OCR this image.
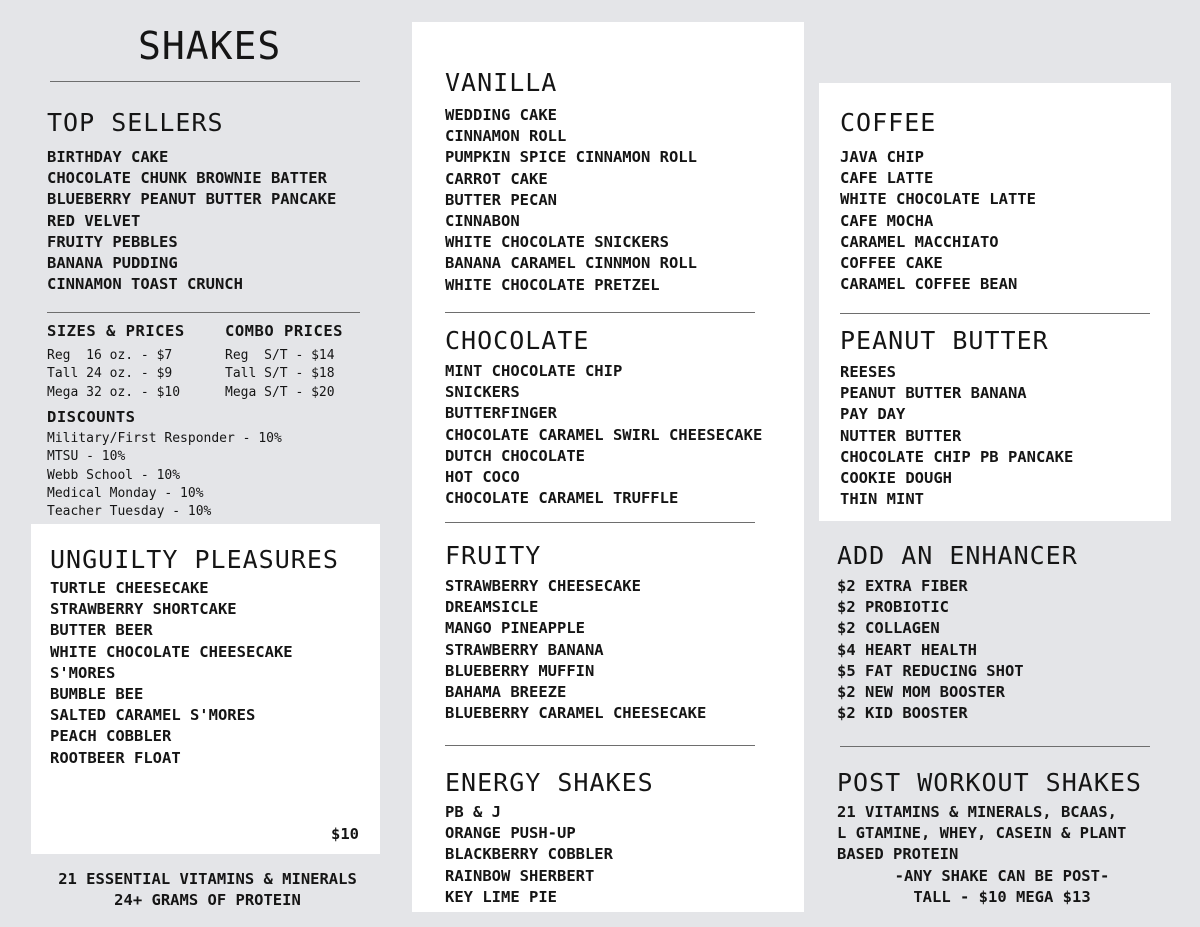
SHAKES
TOP SELLERS
BIRTHDAY CAKE
CHOCOLATE CHUNK BROWNIE BATTER
BLUEBERRY PEANUT BUTTER PANCAKE
RED VELVET
FRUITY PEBBLES
BANANA PUDDING
CINNAMON TOAST CRUNCH
SIZES & PRICES
Reg  16 oz. - $7
Tall 24 oz. - $9
Mega 32 oz. - $10
COMBO PRICES
Reg  S/T - $14
Tall S/T - $18
Mega S/T - $20
DISCOUNTS
Military/First Responder - 10%
MTSU - 10%
Webb School - 10%
Medical Monday - 10%
Teacher Tuesday - 10%
UNGUILTY PLEASURES
TURTLE CHEESECAKE
STRAWBERRY SHORTCAKE
BUTTER BEER
WHITE CHOCOLATE CHEESECAKE
S'MORES
BUMBLE BEE
SALTED CARAMEL S'MORES
PEACH COBBLER
ROOTBEER FLOAT
$10
21 ESSENTIAL VITAMINS & MINERALS
24+ GRAMS OF PROTEIN
VANILLA
WEDDING CAKE
CINNAMON ROLL
PUMPKIN SPICE CINNAMON ROLL
CARROT CAKE
BUTTER PECAN
CINNABON
WHITE CHOCOLATE SNICKERS
BANANA CARAMEL CINNMON ROLL
WHITE CHOCOLATE PRETZEL
CHOCOLATE
MINT CHOCOLATE CHIP
SNICKERS
BUTTERFINGER
CHOCOLATE CARAMEL SWIRL CHEESECAKE
DUTCH CHOCOLATE
HOT COCO
CHOCOLATE CARAMEL TRUFFLE
FRUITY
STRAWBERRY CHEESECAKE
DREAMSICLE
MANGO PINEAPPLE
STRAWBERRY BANANA
BLUEBERRY MUFFIN
BAHAMA BREEZE
BLUEBERRY CARAMEL CHEESECAKE
ENERGY SHAKES
PB & J
ORANGE PUSH-UP
BLACKBERRY COBBLER
RAINBOW SHERBERT
KEY LIME PIE
COFFEE
JAVA CHIP
CAFE LATTE
WHITE CHOCOLATE LATTE
CAFE MOCHA
CARAMEL MACCHIATO
COFFEE CAKE
CARAMEL COFFEE BEAN
PEANUT BUTTER
REESES
PEANUT BUTTER BANANA
PAY DAY
NUTTER BUTTER
CHOCOLATE CHIP PB PANCAKE
COOKIE DOUGH
THIN MINT
ADD AN ENHANCER
$2 EXTRA FIBER
$2 PROBIOTIC
$2 COLLAGEN
$4 HEART HEALTH
$5 FAT REDUCING SHOT
$2 NEW MOM BOOSTER
$2 KID BOOSTER
POST WORKOUT SHAKES
21 VITAMINS & MINERALS, BCAAS,
L GTAMINE, WHEY, CASEIN & PLANT
BASED PROTEIN
-ANY SHAKE CAN BE POST-
TALL - $10 MEGA $13
